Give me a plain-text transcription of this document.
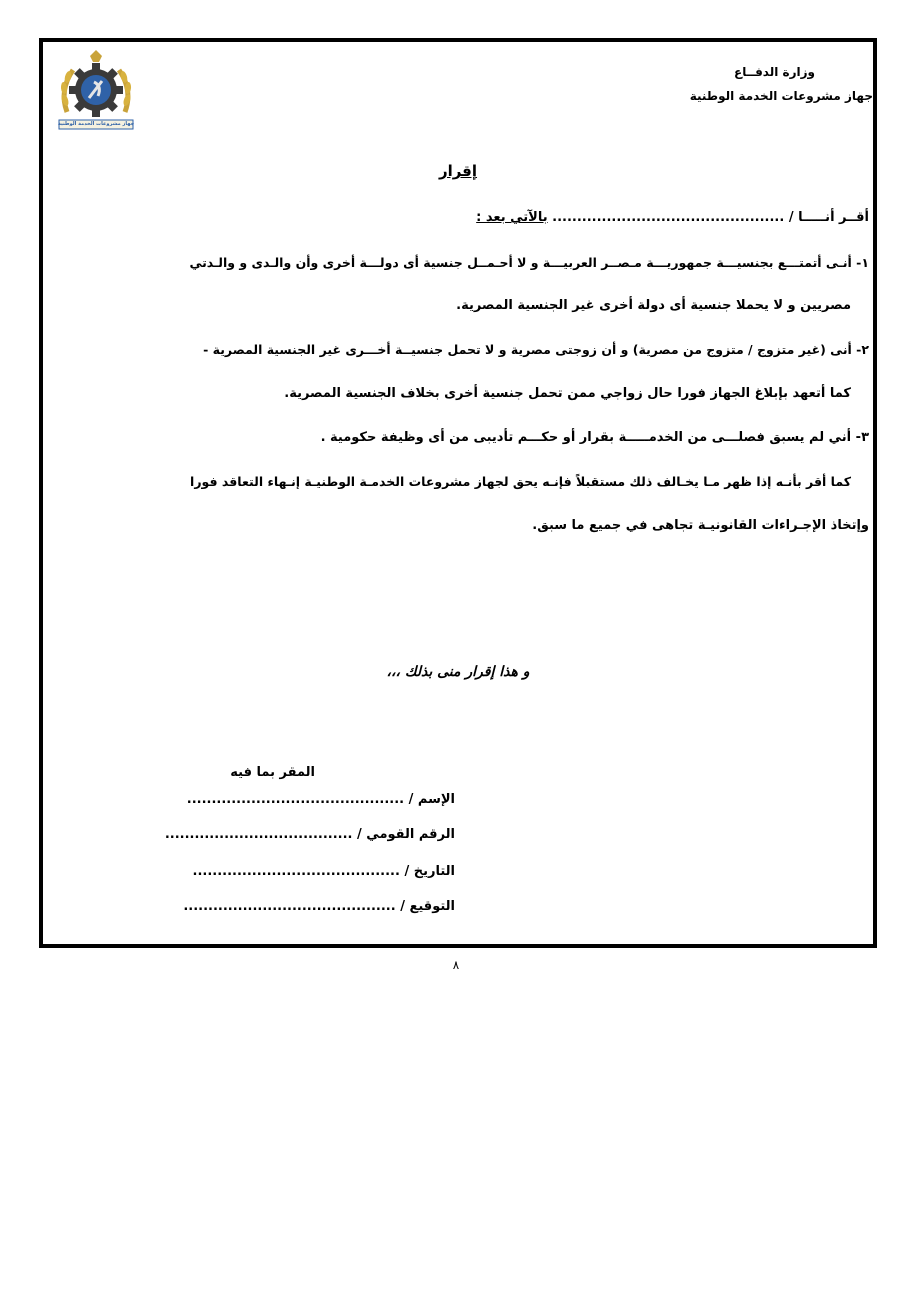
وزارة الدفــاع
جهاز مشروعات الخدمة الوطنية
جهاز مشروعات الخدمة الوطنية
إقرار
أقــر أنـــــا / ............................................... بالآتي بعد :
١- أنـى أتمتـــع بجنسيـــة جمهوريـــة مـصــر العربيـــة و لا أحـمــل جنسية أى دولـــة أخرى وأن والـدى و والـدتي
مصريين و لا يحملا جنسية أى دولة أخرى غير الجنسية المصرية.
٢- أنى (غير متزوج / متزوج من مصرية) و أن زوجتى مصرية و لا تحمل جنسيــة أخـــرى غير الجنسية المصرية -
كما أتعهد بإبلاغ الجهاز فورا حال زواجي ممن تحمل جنسية أخرى بخلاف الجنسية المصرية.
٣- أني لم يسبق فصلـــى من الخدمـــــة بقرار أو حكـــم تأديبى من أى وظيفة حكومية .
كما أقر بأنـه إذا ظهر مـا يخـالف ذلك مستقبلاً فإنـه يحق لجهاز مشروعات الخدمـة الوطنيـة إنـهاء التعاقد فورا
وإتخاذ الإجـراءات القانونيـة تجاهى في جميع ما سبق.
و هذا إقرار منى بذلك ،،،
المقر بما فيه
الإسم / ............................................
الرقم القومي / ......................................
التاريخ / ..........................................
التوقيع / ...........................................
٨
